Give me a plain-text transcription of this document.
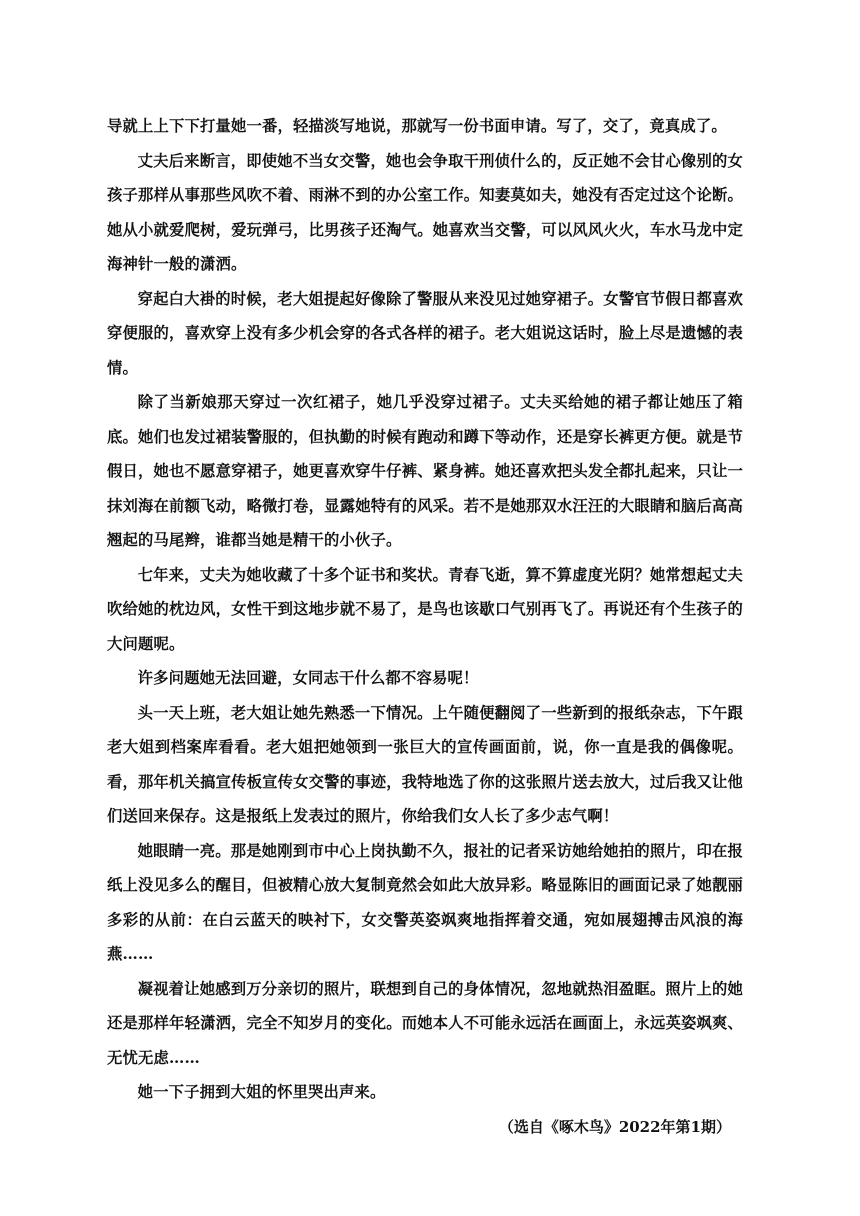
导就上上下下打量她一番，轻描淡写地说，那就写一份书面申请。写了，交了，竟真成了。

丈夫后来断言，即使她不当女交警，她也会争取干刑侦什么的，反正她不会甘心像别的女孩子那样从事那些风吹不着、雨淋不到的办公室工作。知妻莫如夫，她没有否定过这个论断。她从小就爱爬树，爱玩弹弓，比男孩子还淘气。她喜欢当交警，可以风风火火，车水马龙中定海神针一般的潇洒。

穿起白大褂的时候，老大姐提起好像除了警服从来没见过她穿裙子。女警官节假日都喜欢穿便服的，喜欢穿上没有多少机会穿的各式各样的裙子。老大姐说这话时，脸上尽是遗憾的表情。

除了当新娘那天穿过一次红裙子，她几乎没穿过裙子。丈夫买给她的裙子都让她压了箱底。她们也发过裙装警服的，但执勤的时候有跑动和蹲下等动作，还是穿长裤更方便。就是节假日，她也不愿意穿裙子，她更喜欢穿牛仔裤、紧身裤。她还喜欢把头发全都扎起来，只让一抹刘海在前额飞动，略微打卷，显露她特有的风采。若不是她那双水汪汪的大眼睛和脑后高高翘起的马尾辫，谁都当她是精干的小伙子。

七年来，丈夫为她收藏了十多个证书和奖状。青春飞逝，算不算虚度光阴？她常想起丈夫吹给她的枕边风，女性干到这地步就不易了，是鸟也该歇口气别再飞了。再说还有个生孩子的大问题呢。

许多问题她无法回避，女同志干什么都不容易呢！

头一天上班，老大姐让她先熟悉一下情况。上午随便翻阅了一些新到的报纸杂志，下午跟老大姐到档案库看看。老大姐把她领到一张巨大的宣传画面前，说，你一直是我的偶像呢。看，那年机关搞宣传板宣传女交警的事迹，我特地选了你的这张照片送去放大，过后我又让他们送回来保存。这是报纸上发表过的照片，你给我们女人长了多少志气啊！

她眼睛一亮。那是她刚到市中心上岗执勤不久，报社的记者采访她给她拍的照片，印在报纸上没见多么的醒目，但被精心放大复制竟然会如此大放异彩。略显陈旧的画面记录了她靓丽多彩的从前：在白云蓝天的映衬下，女交警英姿飒爽地指挥着交通，宛如展翅搏击风浪的海燕……

凝视着让她感到万分亲切的照片，联想到自己的身体情况，忽地就热泪盈眶。照片上的她还是那样年轻潇洒，完全不知岁月的变化。而她本人不可能永远活在画面上，永远英姿飒爽、无忧无虑……

她一下子拥到大姐的怀里哭出声来。

（选自《啄木鸟》2022年第1期）
